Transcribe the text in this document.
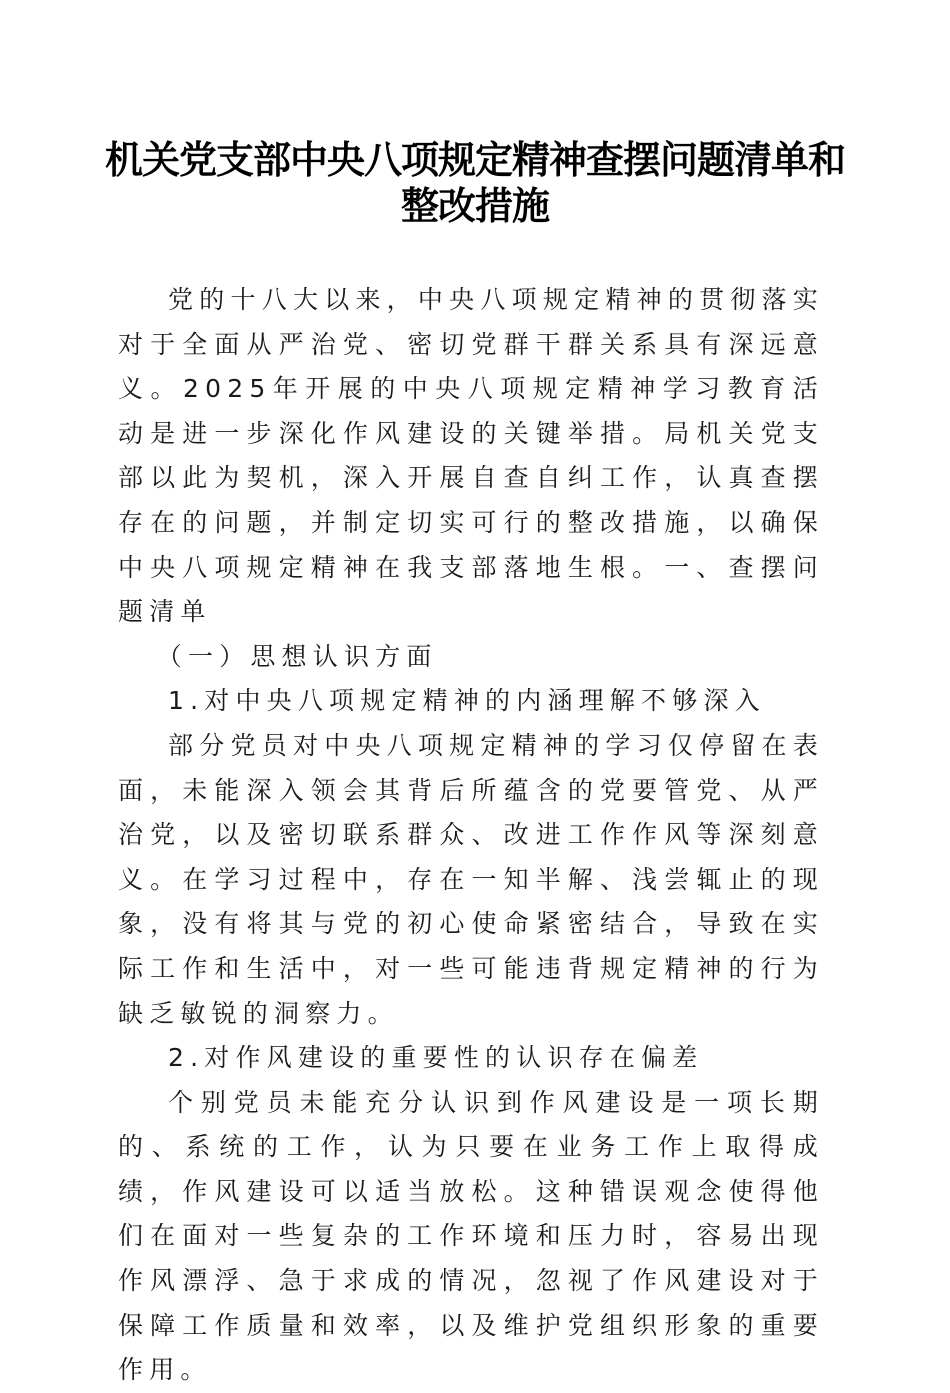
机关党支部中央八项规定精神查摆问题清单和
整改措施

党的十八大以来，中央八项规定精神的贯彻落实对于全面从严治党、密切党群干群关系具有深远意义。2025年开展的中央八项规定精神学习教育活动是进一步深化作风建设的关键举措。局机关党支部以此为契机，深入开展自查自纠工作，认真查摆存在的问题，并制定切实可行的整改措施，以确保中央八项规定精神在我支部落地生根。一、查摆问题清单

（一）思想认识方面

1.对中央八项规定精神的内涵理解不够深入

部分党员对中央八项规定精神的学习仅停留在表面，未能深入领会其背后所蕴含的党要管党、从严治党，以及密切联系群众、改进工作作风等深刻意义。在学习过程中，存在一知半解、浅尝辄止的现象，没有将其与党的初心使命紧密结合，导致在实际工作和生活中，对一些可能违背规定精神的行为缺乏敏锐的洞察力。

2.对作风建设的重要性的认识存在偏差

个别党员未能充分认识到作风建设是一项长期的、系统的工作，认为只要在业务工作上取得成绩，作风建设可以适当放松。这种错误观念使得他们在面对一些复杂的工作环境和压力时，容易出现作风漂浮、急于求成的情况，忽视了作风建设对于保障工作质量和效率，以及维护党组织形象的重要作用。
